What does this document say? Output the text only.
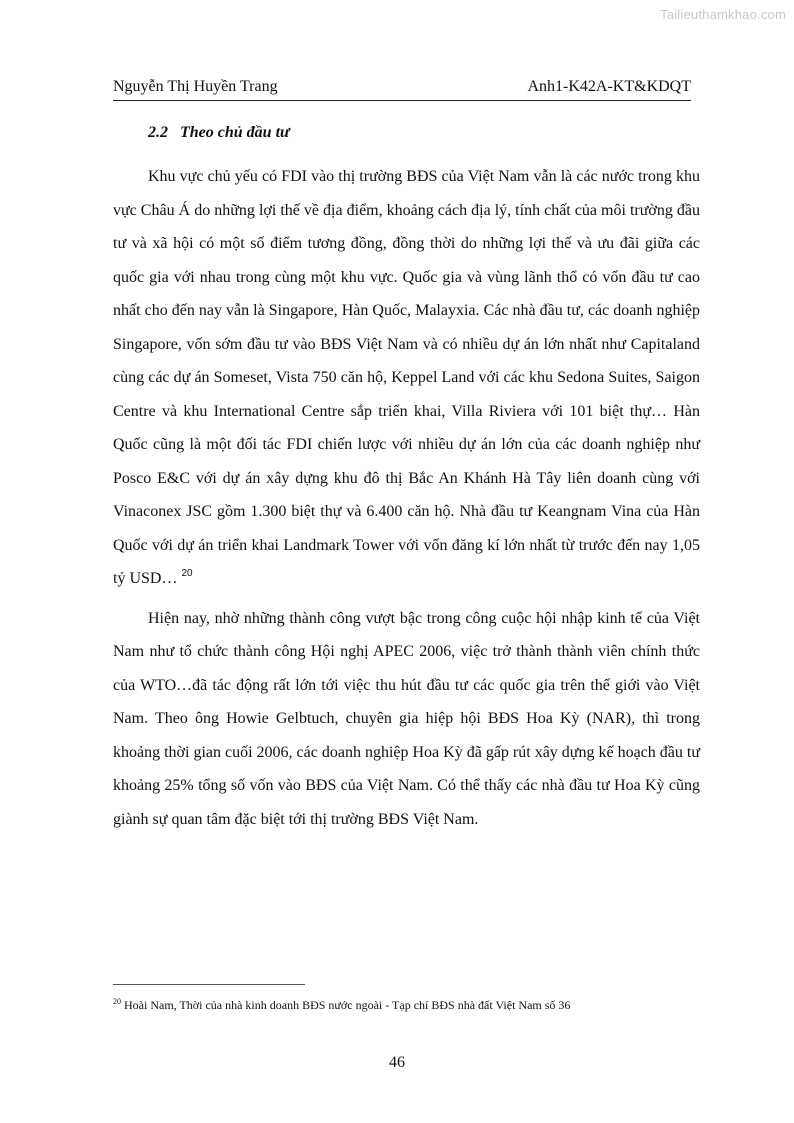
Tailieuthamkhao.com
Nguyễn Thị Huyền Trang	Anh1-K42A-KT&KDQT
2.2 Theo chủ đầu tư

Khu vực chủ yếu có FDI vào thị trường BĐS của Việt Nam vẫn là các nước trong khu vực Châu Á do những lợi thế về địa điểm, khoảng cách địa lý, tính chất của môi trường đầu tư và xã hội có một số điểm tương đồng, đồng thời do những lợi thế và ưu đãi giữa các quốc gia với nhau trong cùng một khu vực. Quốc gia và vùng lãnh thổ có vốn đầu tư cao nhất cho đến nay vẫn là Singapore, Hàn Quốc, Malayxia. Các nhà đầu tư, các doanh nghiệp Singapore, vốn sớm đầu tư vào BĐS Việt Nam và có nhiều dự án lớn nhất như Capitaland cùng các dự án Someset, Vista 750 căn hộ, Keppel Land với các khu Sedona Suites, Saigon Centre và khu International Centre sắp triển khai, Villa Riviera với 101 biệt thự… Hàn Quốc cũng là một đối tác FDI chiến lược với nhiều dự án lớn của các doanh nghiệp như Posco E&C với dự án xây dựng khu đô thị Bắc An Khánh Hà Tây liên doanh cùng với Vinaconex JSC gồm 1.300 biệt thự và 6.400 căn hộ. Nhà đầu tư Keangnam Vina của Hàn Quốc với dự án triển khai Landmark Tower với vốn đăng kí lớn nhất từ trước đến nay 1,05 tỷ USD… $^{20}$

Hiện nay, nhờ những thành công vượt bậc trong công cuộc hội nhập kinh tế của Việt Nam như tổ chức thành công Hội nghị APEC 2006, việc trở thành thành viên chính thức của WTO…đã tác động rất lớn tới việc thu hút đầu tư các quốc gia trên thế giới vào Việt Nam. Theo ông Howie Gelbtuch, chuyên gia hiệp hội BĐS Hoa Kỳ (NAR), thì trong khoảng thời gian cuối 2006, các doanh nghiệp Hoa Kỳ đã gấp rút xây dựng kế hoạch đầu tư khoảng 25% tổng số vốn vào BĐS của Việt Nam. Có thể thấy các nhà đầu tư Hoa Kỳ cũng giành sự quan tâm đặc biệt tới thị trường BĐS Việt Nam.

$^{20}$ Hoài Nam, Thời của nhà kinh doanh BĐS nước ngoài - Tạp chí BĐS nhà đất Việt Nam số 36
46
